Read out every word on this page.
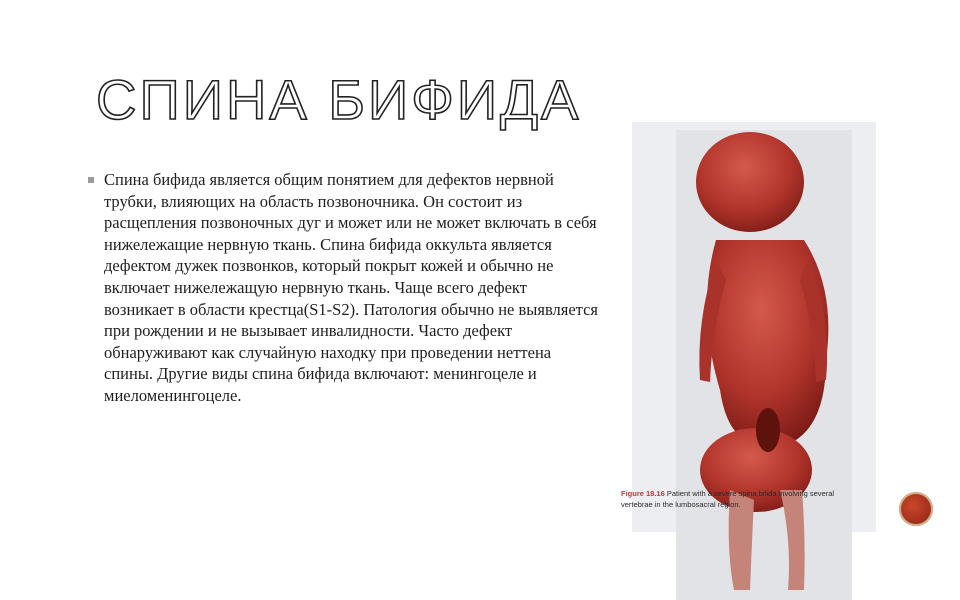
СПИНА БИФИДА

Спина бифида является общим понятием для дефектов нервной трубки, влияющих на область позвоночника. Он состоит из расщепления позвоночных дуг и может или не может включать в себя нижележащие нервную ткань. Спина бифида оккульта является дефектом дужек позвонков, который покрыт кожей и обычно не включает нижележащую нервную ткань. Чаще всего дефект возникает в области крестца(S1-S2). Патология обычно не выявляется при рождении и не вызывает инвалидности. Часто дефект обнаруживают как случайную находку при проведении неттена спины. Другие виды спина бифида включают: менингоцеле и миеломенингоцеле.

Figure 18.16 Patient with a severe spina bifida involving several vertebrae in the lumbosacral region.
